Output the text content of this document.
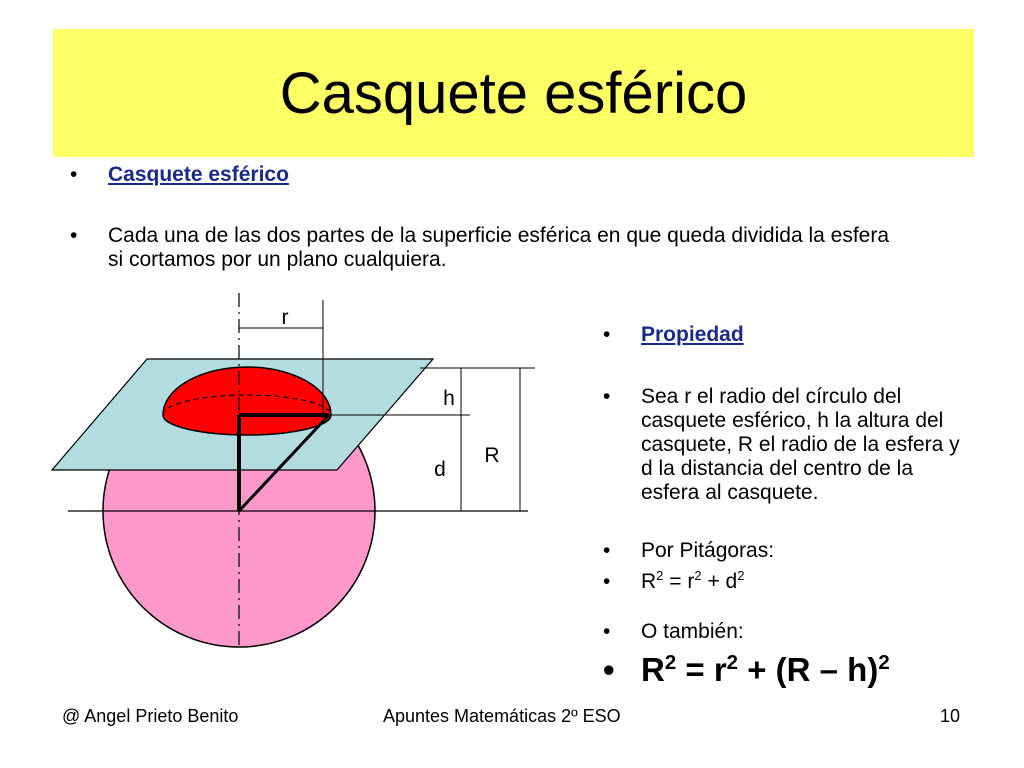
Casquete esférico
• Casquete esférico
• Cada una de las dos partes de la superficie esférica en que queda dividida la esfera si cortamos por un plano cualquiera.
r
h
d
R
• Propiedad
• Sea r el radio del círculo del casquete esférico, h la altura del casquete, R el radio de la esfera y d la distancia del centro de la esfera al casquete.
• Por Pitágoras:
• $R^2 = r^2 + d^2$
• O también:
• $R^2 = r^2 + (R - h)^2$
@ Angel Prieto Benito	Apuntes Matemáticas 2º ESO	10
